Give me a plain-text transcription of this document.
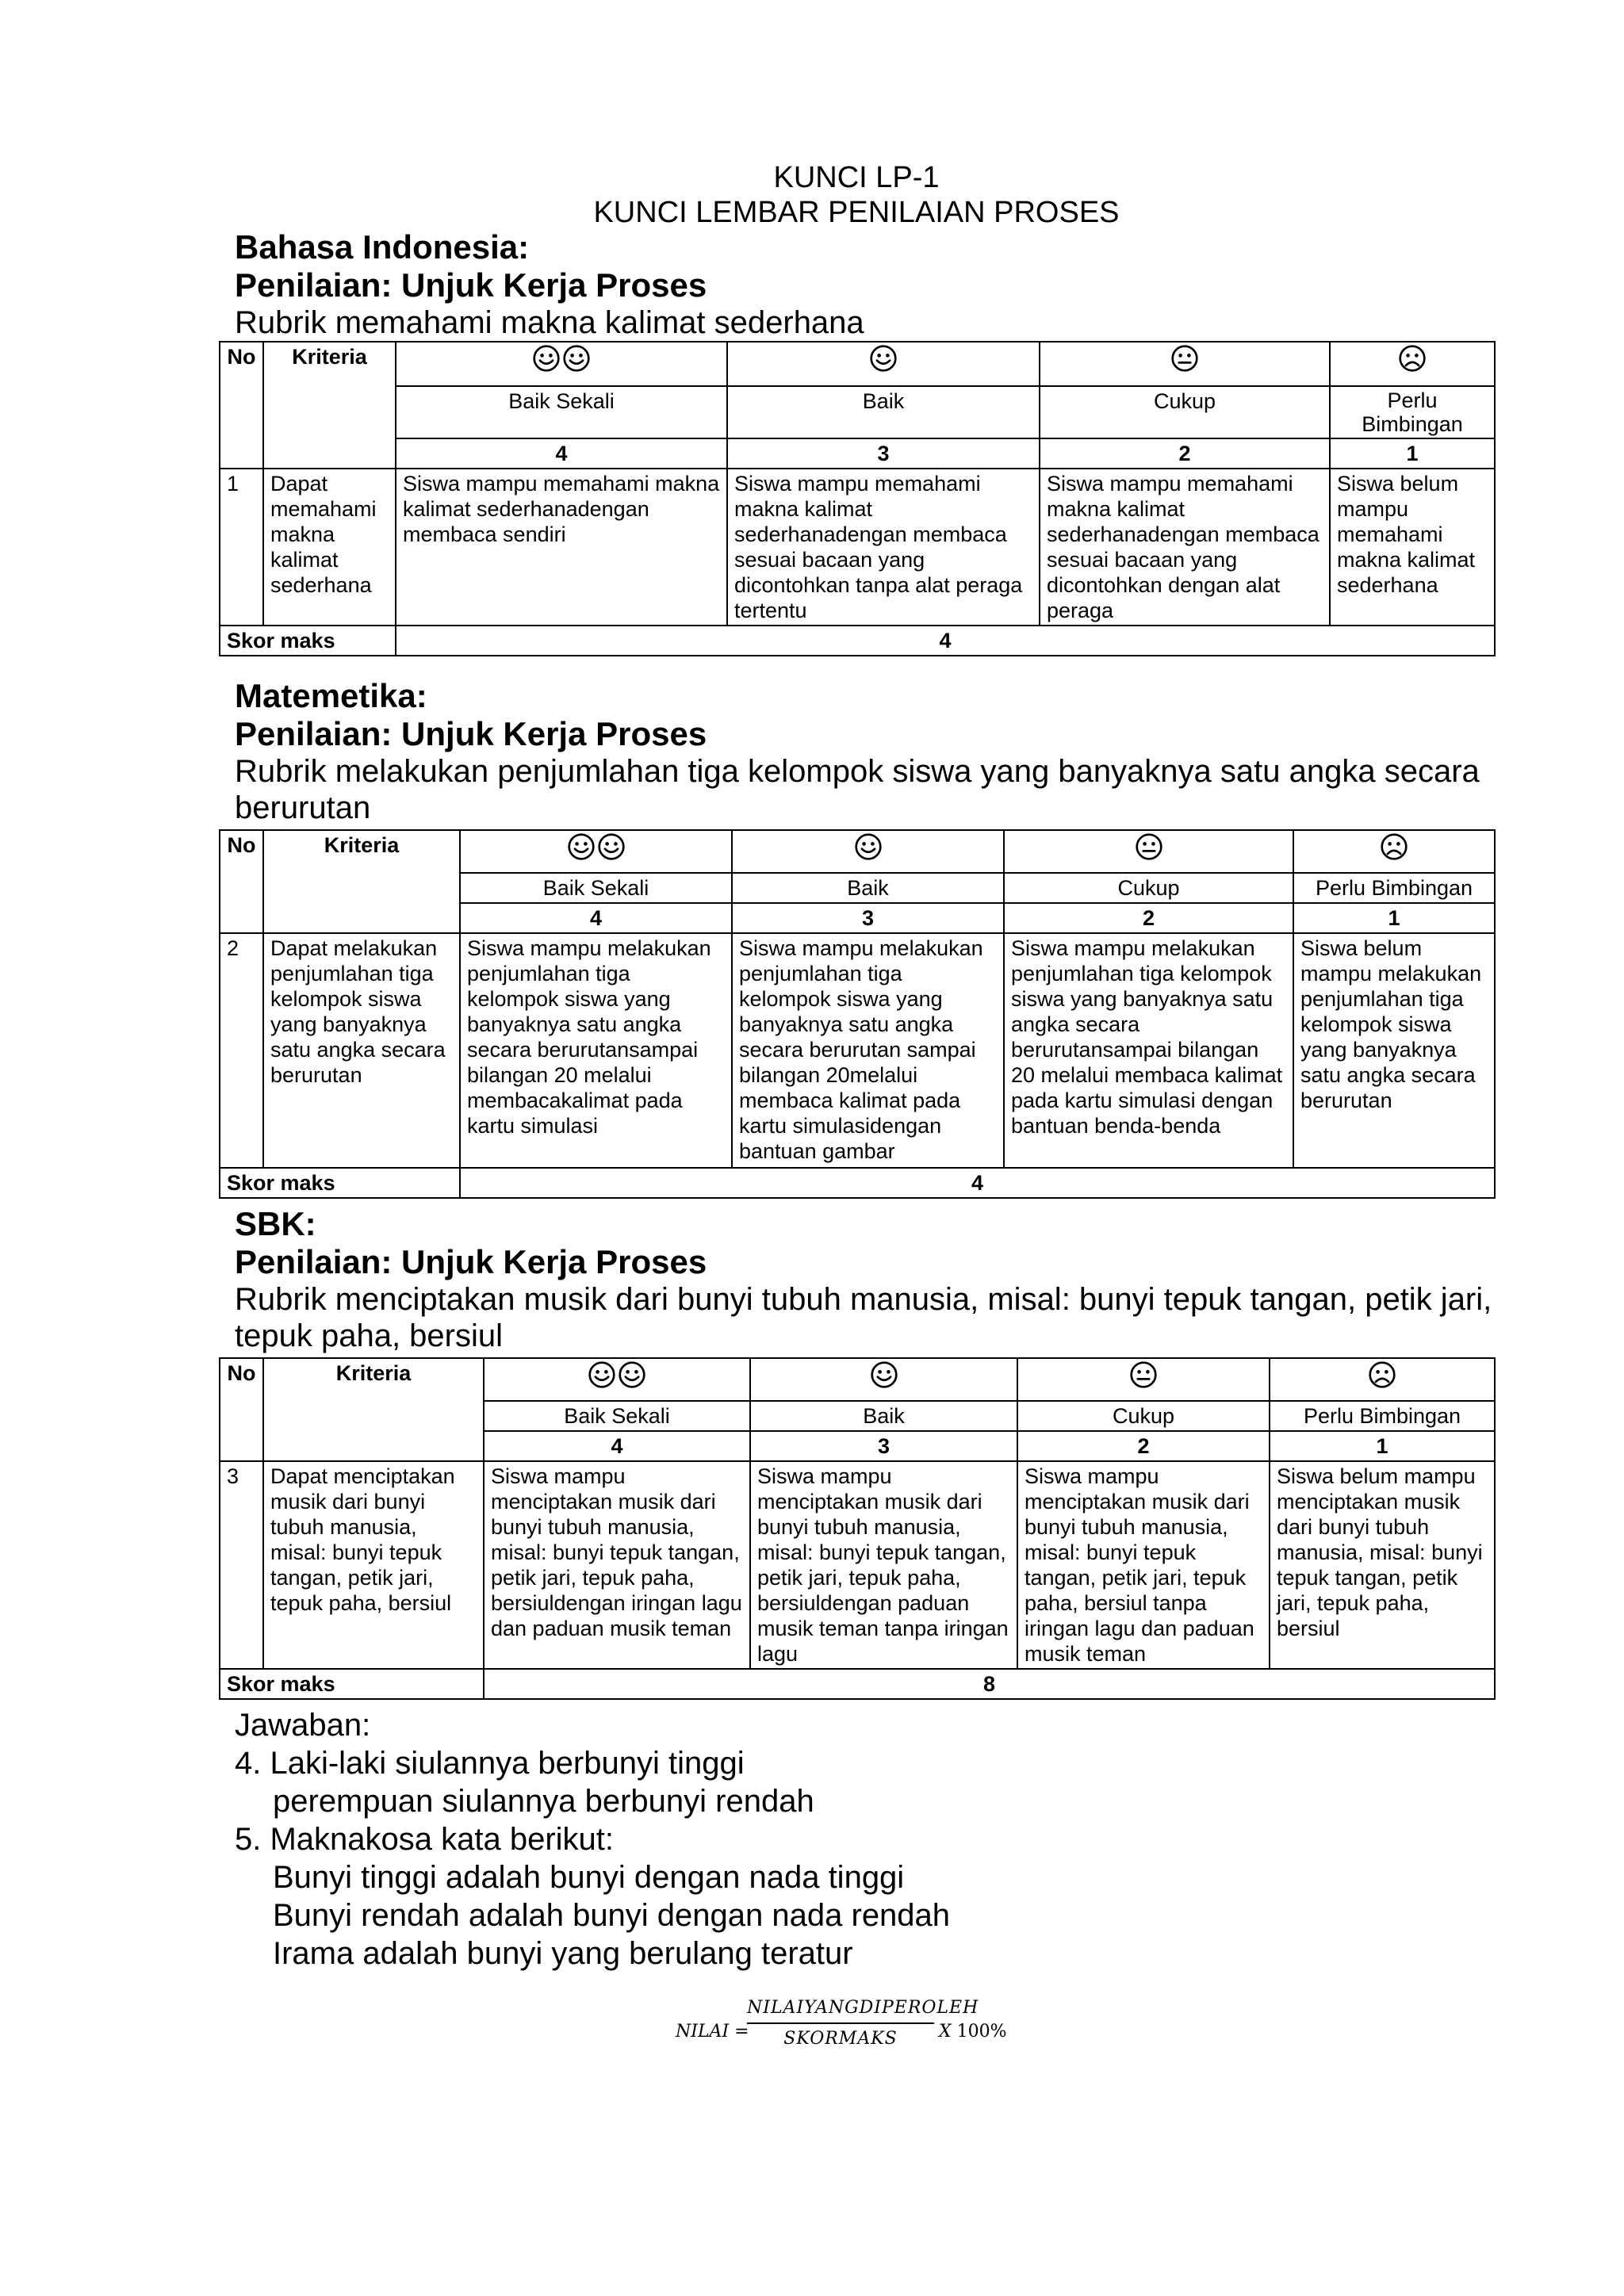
KUNCI LP-1
KUNCI LEMBAR PENILAIAN PROSES
Bahasa Indonesia:
Penilaian: Unjuk Kerja Proses
Rubrik memahami makna kalimat sederhana
No	Kriteria				
		Baik Sekali	Baik	Cukup	Perlu Bimbingan
		4	3	2	1
1	Dapat memahami makna kalimat sederhana	Siswa mampu memahami makna kalimat sederhanadengan membaca sendiri	Siswa mampu memahami makna kalimat sederhanadengan membaca sesuai bacaan yang dicontohkan tanpa alat peraga tertentu	Siswa mampu memahami makna kalimat sederhanadengan membaca sesuai bacaan yang dicontohkan dengan alat peraga	Siswa belum mampu memahami makna kalimat sederhana
Skor maks		4			
Matemetika:
Penilaian: Unjuk Kerja Proses
Rubrik melakukan penjumlahan tiga kelompok siswa yang banyaknya satu angka secara berurutan
No	Kriteria				
		Baik Sekali	Baik	Cukup	Perlu Bimbingan
		4	3	2	1
2	Dapat melakukan penjumlahan tiga kelompok siswa yang banyaknya satu angka secara berurutan	Siswa mampu melakukan penjumlahan tiga kelompok siswa yang banyaknya satu angka secara berurutansampai bilangan 20 melalui membacakalimat pada kartu simulasi	Siswa mampu melakukan penjumlahan tiga kelompok siswa yang banyaknya satu angka secara berurutan sampai bilangan 20melalui membaca kalimat pada kartu simulasidengan bantuan gambar	Siswa mampu melakukan penjumlahan tiga kelompok siswa yang banyaknya satu angka secara berurutansampai bilangan 20 melalui membaca kalimat pada kartu simulasi dengan bantuan benda-benda	Siswa belum mampu melakukan penjumlahan tiga kelompok siswa yang banyaknya satu angka secara berurutan
Skor maks		4			
SBK:
Penilaian: Unjuk Kerja Proses
Rubrik menciptakan musik dari bunyi tubuh manusia, misal: bunyi tepuk tangan, petik jari, tepuk paha, bersiul
No	Kriteria				
		Baik Sekali	Baik	Cukup	Perlu Bimbingan
		4	3	2	1
3	Dapat menciptakan musik dari bunyi tubuh manusia, misal: bunyi tepuk tangan, petik jari, tepuk paha, bersiul	Siswa mampu menciptakan musik dari bunyi tubuh manusia, misal: bunyi tepuk tangan, petik jari, tepuk paha, bersiuldengan iringan lagu dan paduan musik teman	Siswa mampu menciptakan musik dari bunyi tubuh manusia, misal: bunyi tepuk tangan, petik jari, tepuk paha, bersiuldengan paduan musik teman tanpa iringan lagu	Siswa mampu menciptakan musik dari bunyi tubuh manusia, misal: bunyi tepuk tangan, petik jari, tepuk paha, bersiul tanpa iringan lagu dan paduan musik teman	Siswa belum mampu menciptakan musik dari bunyi tubuh manusia, misal: bunyi tepuk tangan, petik jari, tepuk paha, bersiul
Skor maks		8			
Jawaban:
4. Laki-laki siulannya berbunyi tinggi
perempuan siulannya berbunyi rendah
5. Maknakosa kata berikut:
Bunyi tinggi adalah bunyi dengan nada tinggi
Bunyi rendah adalah bunyi dengan nada rendah
Irama adalah bunyi yang berulang teratur
NILAI =
NILAIYANGDIPEROLEH
SKORMAKS	X 100%
